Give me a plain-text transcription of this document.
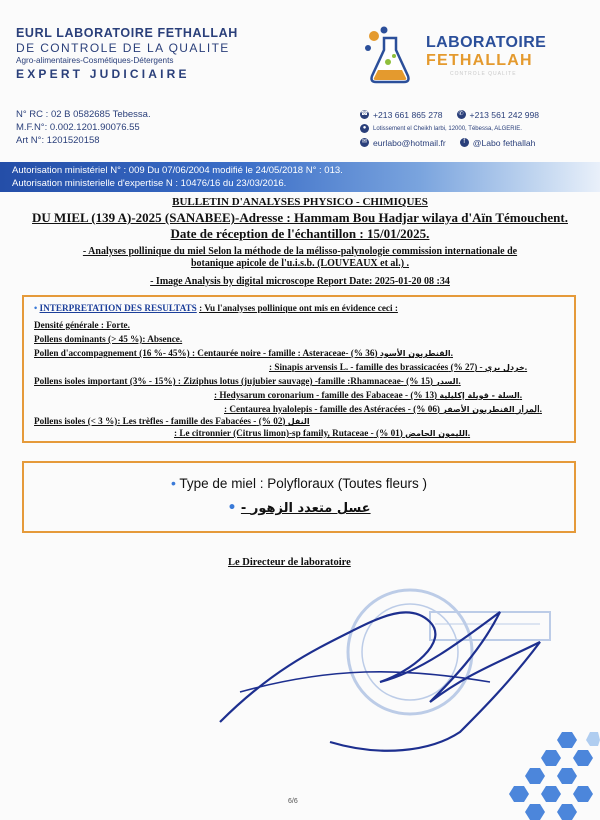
EURL LABORATOIRE FETHALLAH
DE CONTROLE DE LA QUALITE
Agro-alimentaires-Cosmétiques-Détergents
EXPERT JUDICIAIRE
LABORATOIRE
FETHALLAH
CONTROLE QUALITE
N° RC : 02 B 0582685 Tebessa.
M.F.N°: 0.002.1201.90076.55
Art N°: 1201520158
☎ +213 661 865 278	✆ +213 561 242 998
●	Lotissement el Cheikh larbi, 12000, Tébessa, ALGERIE.
✉ eurlabo@hotmail.fr	f @Labo fethallah
Autorisation ministériel N° : 009 Du 07/06/2004 modifié le 24/05/2018 N° : 013.
Autorisation ministerielle d'expertise N : 10476/16 du 23/03/2016.
BULLETIN D'ANALYSES PHYSICO - CHIMIQUES
DU MIEL (139 A)-2025 (SANABEE)-Adresse : Hammam Bou Hadjar wilaya d'Aïn Témouchent.
Date de réception de l'échantillon : 15/01/2025.
- Analyses pollinique du miel Selon la méthode de la mélisso-palynologie commission internationale de
botanique apicole de l'u.i.s.b. (LOUVEAUX et al.) .
- Image Analysis by digital microscope Report Date: 2025-01-20 08 :34
• INTERPRETATION DES RESULTATS : Vu l'analyses pollinique ont mis en évidence ceci :
Densité générale : Forte.
Pollens dominants (> 45 %): Absence.
Pollen d'accompagnement (16 %- 45%) : Centaurée noire - famille : Asteraceae-	القنطريون الأسود (36 %).
: Sinapis arvensis L. - famille des brassicacées	خردل بري - (27 %).
Pollens isoles important (3% - 15%) : Ziziphus lotus (jujubier sauvage) -famille :Rhamnaceae-	السدر (15 %).
: Hedysarum coronarium - famille des Fabaceae -	السلة - قويلة إكليلية (13 %).
: Centaurea hyalolepis - famille des Astéracées - المرار القنطريون الأصفر (06 %).
Pollens isoles (< 3 %): Les trèfles - famille des Fabacées -	النفل (02 %)
: Le citronnier (Citrus limon)-sp family, Rutaceae -	الليمون الحامض (01 %).
• Type de miel : Polyfloraux (Toutes fleurs )
• - عسل متعدد الزهور
Le Directeur de laboratoire
6/6
